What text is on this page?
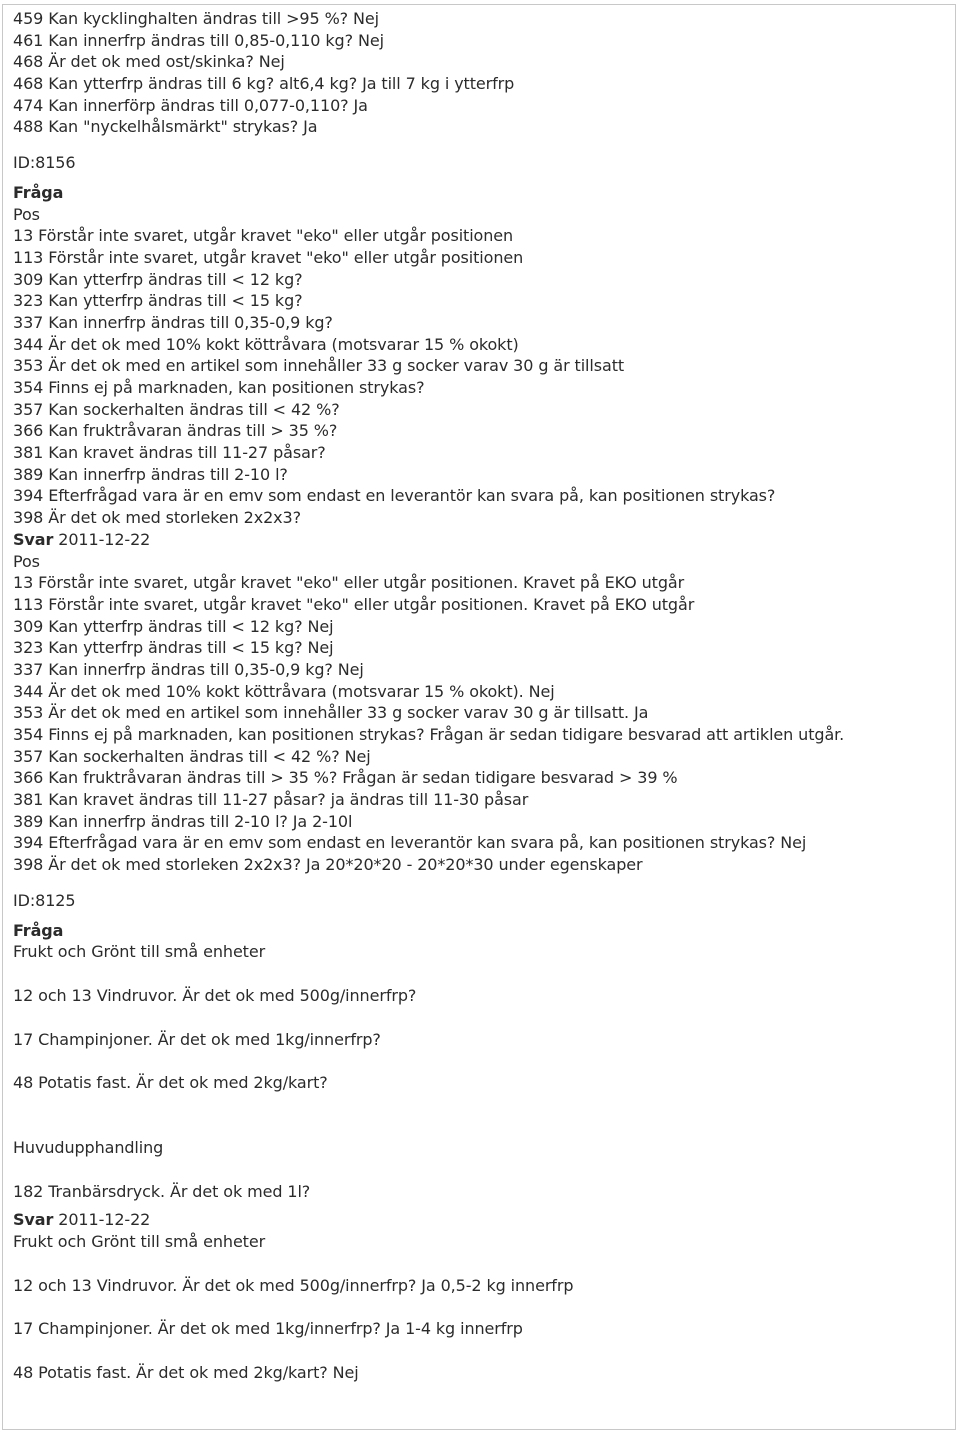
459 Kan kycklinghalten ändras till >95 %? Nej
461 Kan innerfrp ändras till 0,85-0,110 kg? Nej
468 Är det ok med ost/skinka? Nej
468 Kan ytterfrp ändras till 6 kg? alt6,4 kg? Ja till 7 kg i ytterfrp
474 Kan innerförp ändras till 0,077-0,110? Ja
488 Kan "nyckelhålsmärkt" strykas? Ja
ID:8156
Fråga
Pos
13 Förstår inte svaret, utgår kravet "eko" eller utgår positionen
113 Förstår inte svaret, utgår kravet "eko" eller utgår positionen
309 Kan ytterfrp ändras till < 12 kg?
323 Kan ytterfrp ändras till < 15 kg?
337 Kan innerfrp ändras till 0,35-0,9 kg?
344 Är det ok med 10% kokt köttråvara (motsvarar 15 % okokt)
353 Är det ok med en artikel som innehåller 33 g socker varav 30 g är tillsatt
354 Finns ej på marknaden, kan positionen strykas?
357 Kan sockerhalten ändras till < 42 %?
366 Kan fruktråvaran ändras till > 35 %?
381 Kan kravet ändras till 11-27 påsar?
389 Kan innerfrp ändras till 2-10 l?
394 Efterfrågad vara är en emv som endast en leverantör kan svara på, kan positionen strykas?
398 Är det ok med storleken 2x2x3?
Svar 2011-12-22
Pos
13 Förstår inte svaret, utgår kravet "eko" eller utgår positionen. Kravet på EKO utgår
113 Förstår inte svaret, utgår kravet "eko" eller utgår positionen. Kravet på EKO utgår
309 Kan ytterfrp ändras till < 12 kg? Nej
323 Kan ytterfrp ändras till < 15 kg? Nej
337 Kan innerfrp ändras till 0,35-0,9 kg? Nej
344 Är det ok med 10% kokt köttråvara (motsvarar 15 % okokt). Nej
353 Är det ok med en artikel som innehåller 33 g socker varav 30 g är tillsatt. Ja
354 Finns ej på marknaden, kan positionen strykas? Frågan är sedan tidigare besvarad att artiklen utgår.
357 Kan sockerhalten ändras till < 42 %? Nej
366 Kan fruktråvaran ändras till > 35 %? Frågan är sedan tidigare besvarad > 39 %
381 Kan kravet ändras till 11-27 påsar? ja ändras till 11-30 påsar
389 Kan innerfrp ändras till 2-10 l? Ja 2-10l
394 Efterfrågad vara är en emv som endast en leverantör kan svara på, kan positionen strykas? Nej
398 Är det ok med storleken 2x2x3? Ja 20*20*20 - 20*20*30 under egenskaper
ID:8125
Fråga
Frukt och Grönt till små enheter
12 och 13 Vindruvor. Är det ok med 500g/innerfrp?
17 Champinjoner. Är det ok med 1kg/innerfrp?
48 Potatis fast. Är det ok med 2kg/kart?
Huvudupphandling
182 Tranbärsdryck. Är det ok med 1l?
Svar 2011-12-22
Frukt och Grönt till små enheter
12 och 13 Vindruvor. Är det ok med 500g/innerfrp? Ja 0,5-2 kg innerfrp
17 Champinjoner. Är det ok med 1kg/innerfrp? Ja 1-4 kg innerfrp
48 Potatis fast. Är det ok med 2kg/kart? Nej
